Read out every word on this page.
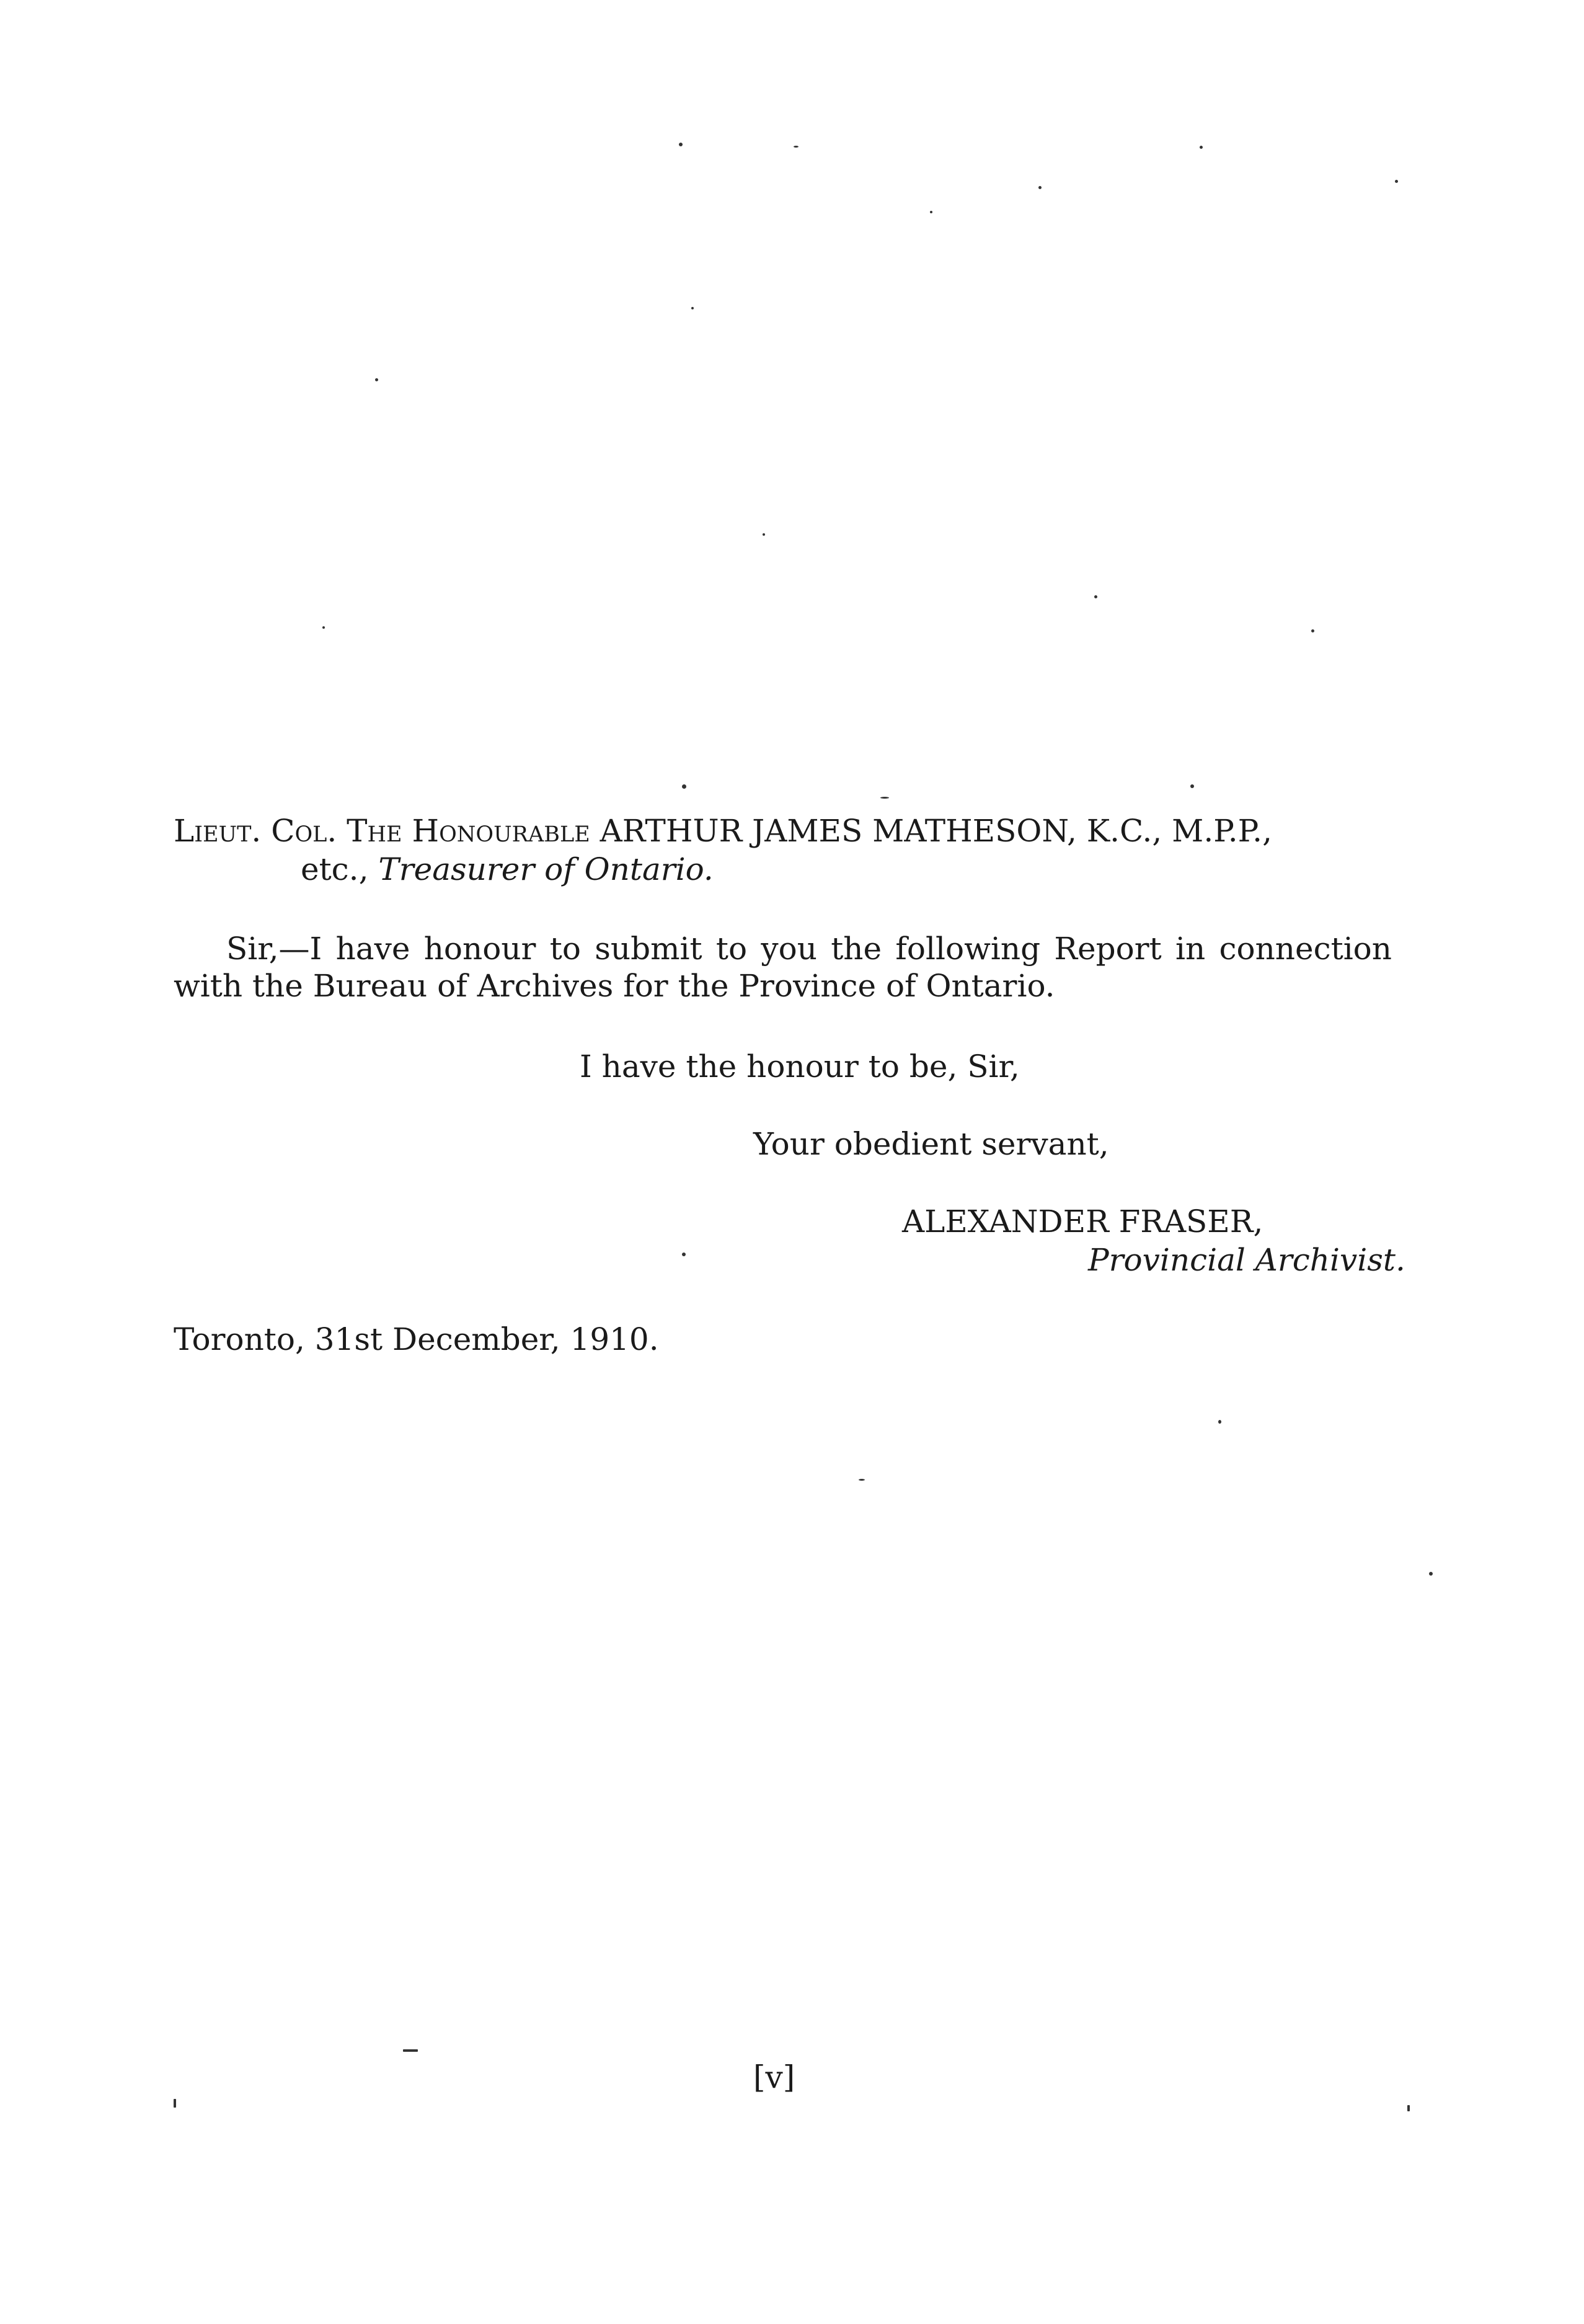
Lieut. Col. The Honourable ARTHUR JAMES MATHESON, K.C., M.P.P.,
etc., Treasurer of Ontario.
Sir,—I have honour to submit to you the following Report in connection
with the Bureau of Archives for the Province of Ontario.
I have the honour to be, Sir,
Your obedient servant,
ALEXANDER FRASER,
Provincial Archivist.
Toronto, 31st December, 1910.
[v]
